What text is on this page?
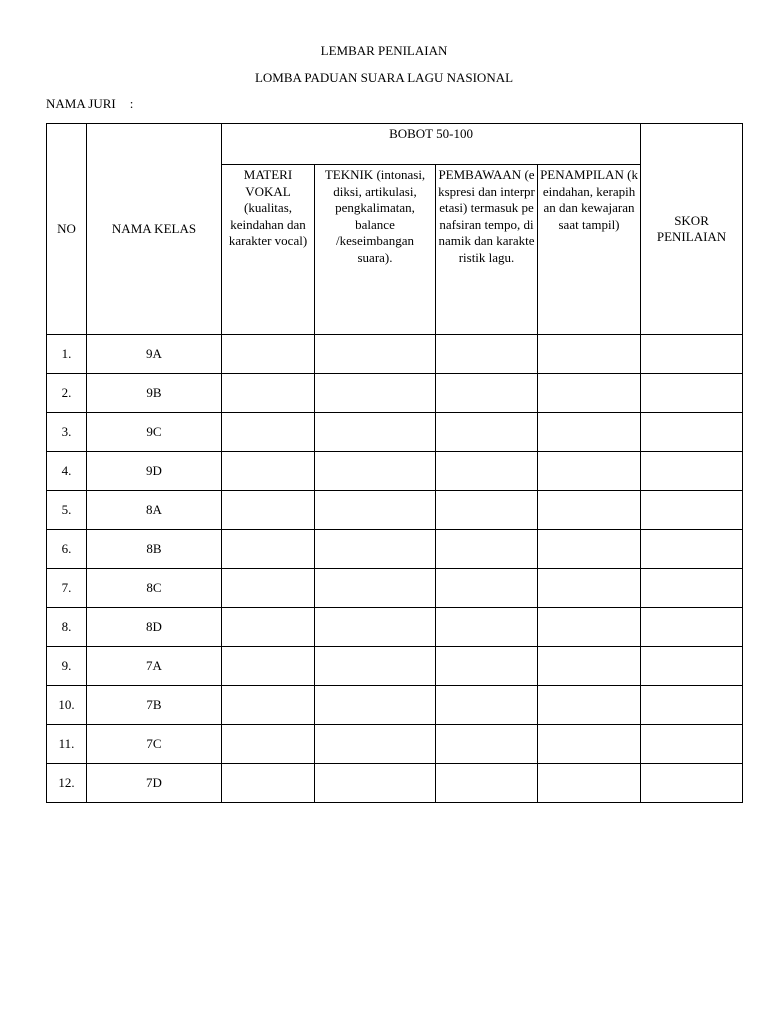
LEMBAR PENILAIAN
LOMBA PADUAN SUARA LAGU NASIONAL
NAMA JURI :
NO	NAMA KELAS	BOBOT 50-100				SKOR PENILAIAN
		MATERI VOKAL (kualitas, keindahan dan karakter vocal)	TEKNIK (intonasi, diksi, artikulasi, pengkalimatan, balance /keseimbangan suara).	PEMBAWAAN (ekspresi dan interpretasi) termasuk penafsiran tempo, dinamik dan karakteristik lagu.	PENAMPILAN (keindahan, kerapihan dan kewajaran saat tampil)	
1.	9A					
2.	9B					
3.	9C					
4.	9D					
5.	8A					
6.	8B					
7.	8C					
8.	8D					
9.	7A					
10.	7B					
11.	7C					
12.	7D					
